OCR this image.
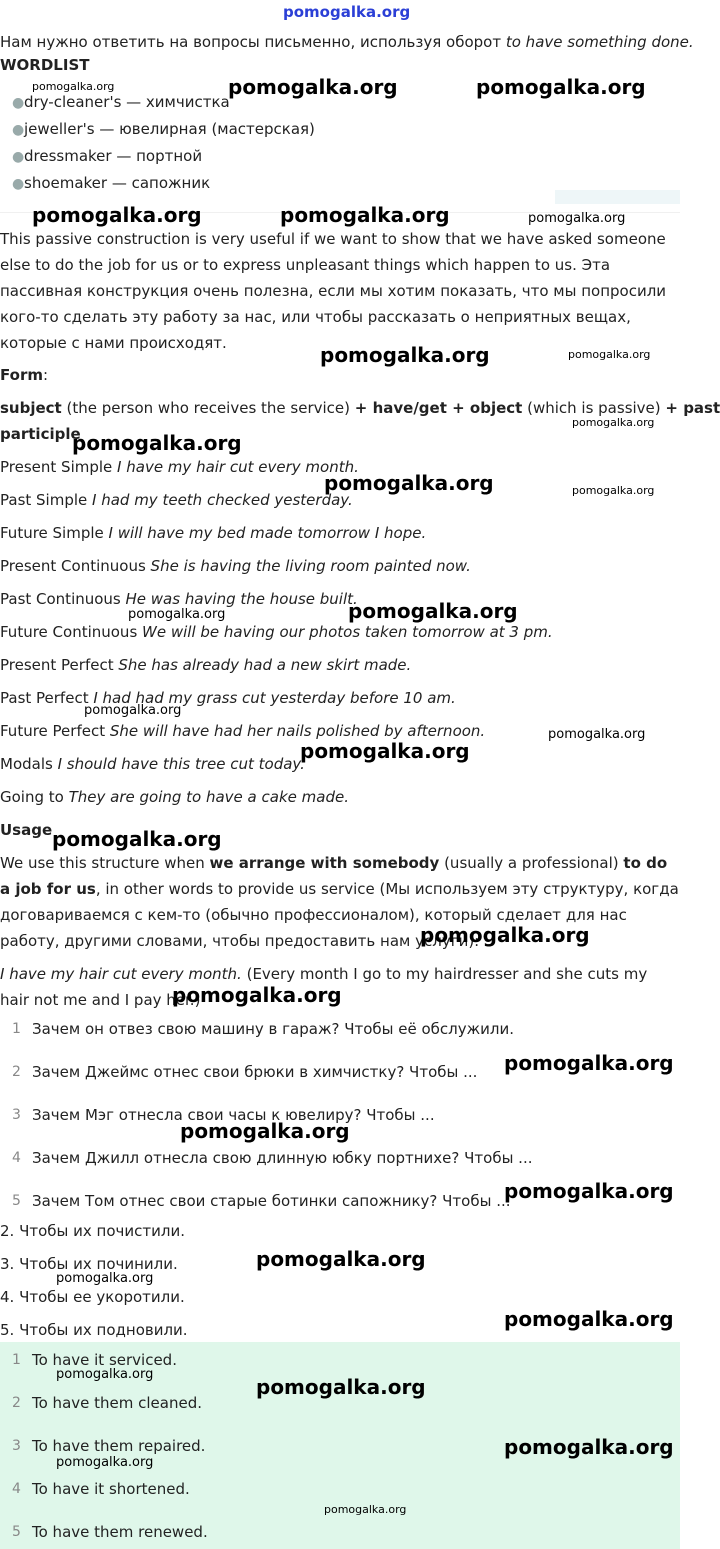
pomogalka.org
Нам нужно ответить на вопросы письменно, используя оборот to have something done.
WORDLIST
● dry-cleaner's — химчистка
● jeweller's — ювелирная (мастерская)
● dressmaker — портной
● shoemaker — сапожник
This passive construction is very useful if we want to show that we have asked someone else to do the job for us or to express unpleasant things which happen to us. Эта пассивная конструкция очень полезна, если мы хотим показать, что мы попросили кого-то сделать эту работу за нас, или чтобы рассказать о неприятных вещах, которые с нами происходят.
Form:
subject (the person who receives the service) + have/get + object (which is passive) + past
participle
Present Simple I have my hair cut every month.
Past Simple I had my teeth checked yesterday.
Future Simple I will have my bed made tomorrow I hope.
Present Continuous She is having the living room painted now.
Past Continuous He was having the house built.
Future Continuous We will be having our photos taken tomorrow at 3 pm.
Present Perfect She has already had a new skirt made.
Past Perfect I had had my grass cut yesterday before 10 am.
Future Perfect She will have had her nails polished by afternoon.
Modals I should have this tree cut today.
Going to They are going to have a cake made.
Usage
We use this structure when we arrange with somebody (usually a professional) to do a job for us, in other words to provide us service (Мы используем эту структуру, когда договариваемся с кем-то (обычно профессионалом), который сделает для нас работу, другими словами, чтобы предоставить нам услуги):
I have my hair cut every month. (Every month I go to my hairdresser and she cuts my hair not me and I pay her.)
1 Зачем он отвез свою машину в гараж? Чтобы её обслужили.
2 Зачем Джеймс отнес свои брюки в химчистку? Чтобы ...
3 Зачем Мэг отнесла свои часы к ювелиру? Чтобы ...
4 Зачем Джилл отнесла свою длинную юбку портнихе? Чтобы ...
5 Зачем Том отнес свои старые ботинки сапожнику? Чтобы ...
2. Чтобы их почистили.
3. Чтобы их починили.
4. Чтобы ее укоротили.
5. Чтобы их подновили.
1 To have it serviced.
2 To have them cleaned.
3 To have them repaired.
4 To have it shortened.
5 To have them renewed.
pomogalka.org	pomogalka.org	pomogalka.org
pomogalka.org	pomogalka.org	pomogalka.org
pomogalka.org	pomogalka.org
pomogalka.org
pomogalka.org
pomogalka.org	pomogalka.org
pomogalka.org
pomogalka.org
pomogalka.org
pomogalka.org
pomogalka.org
pomogalka.org
pomogalka.org
pomogalka.org
pomogalka.org
pomogalka.org
pomogalka.org
pomogalka.org
pomogalka.org
pomogalka.org
pomogalka.org
pomogalka.org
pomogalka.org
pomogalka.org
pomogalka.org
